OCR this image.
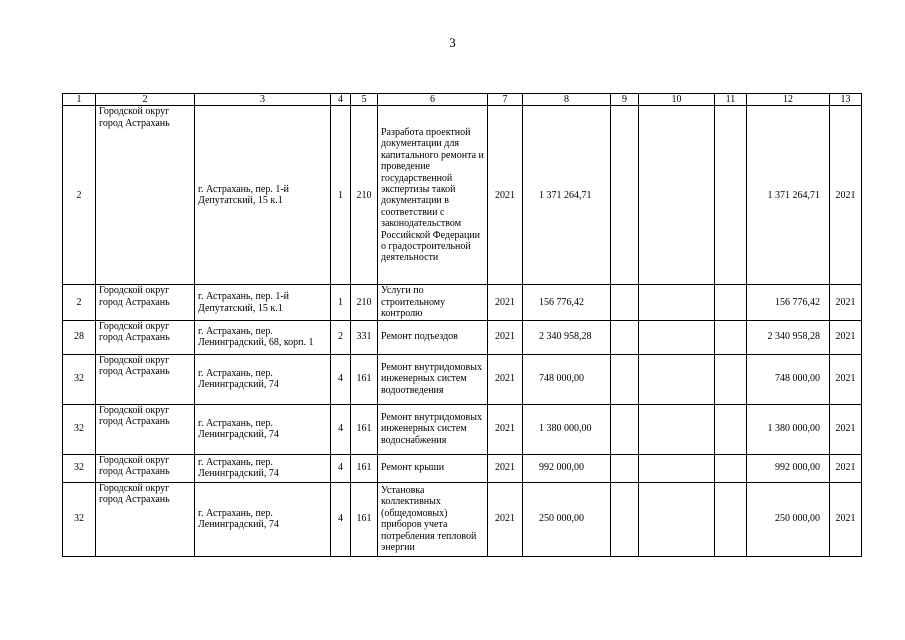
3
1	2	3	4	5	6	7	8	9	10	11	12	13
2	Городской округ город Астрахань	г. Астрахань, пер. 1-й Депутатский, 15 к.1	1	210	Разработа проектной документации для капитального ремонта и проведение государственной экспертизы такой документации в соответствии с законодательством Российской Федерации о градостроительной деятельности	2021	1 371 264,71				1 371 264,71	2021
2	Городской округ город Астрахань	г. Астрахань, пер. 1-й Депутатский, 15 к.1	1	210	Услуги по строительному контролю	2021	156 776,42				156 776,42	2021
28	Городской округ город Астрахань	г. Астрахань, пер. Ленинградский, 68, корп. 1	2	331	Ремонт подъездов	2021	2 340 958,28				2 340 958,28	2021
32	Городской округ город Астрахань	г. Астрахань, пер. Ленинградский, 74	4	161	Ремонт внутридомовых инженерных систем водоотведения	2021	748 000,00				748 000,00	2021
32	Городской округ город Астрахань	г. Астрахань, пер. Ленинградский, 74	4	161	Ремонт внутридомовых инженерных систем водоснабжения	2021	1 380 000,00				1 380 000,00	2021
32	Городской округ город Астрахань	г. Астрахань, пер. Ленинградский, 74	4	161	Ремонт крыши	2021	992 000,00				992 000,00	2021
32	Городской округ город Астрахань	г. Астрахань, пер. Ленинградский, 74	4	161	Установка коллективных (общедомовых) приборов учета потребления тепловой энергии	2021	250 000,00				250 000,00	2021
